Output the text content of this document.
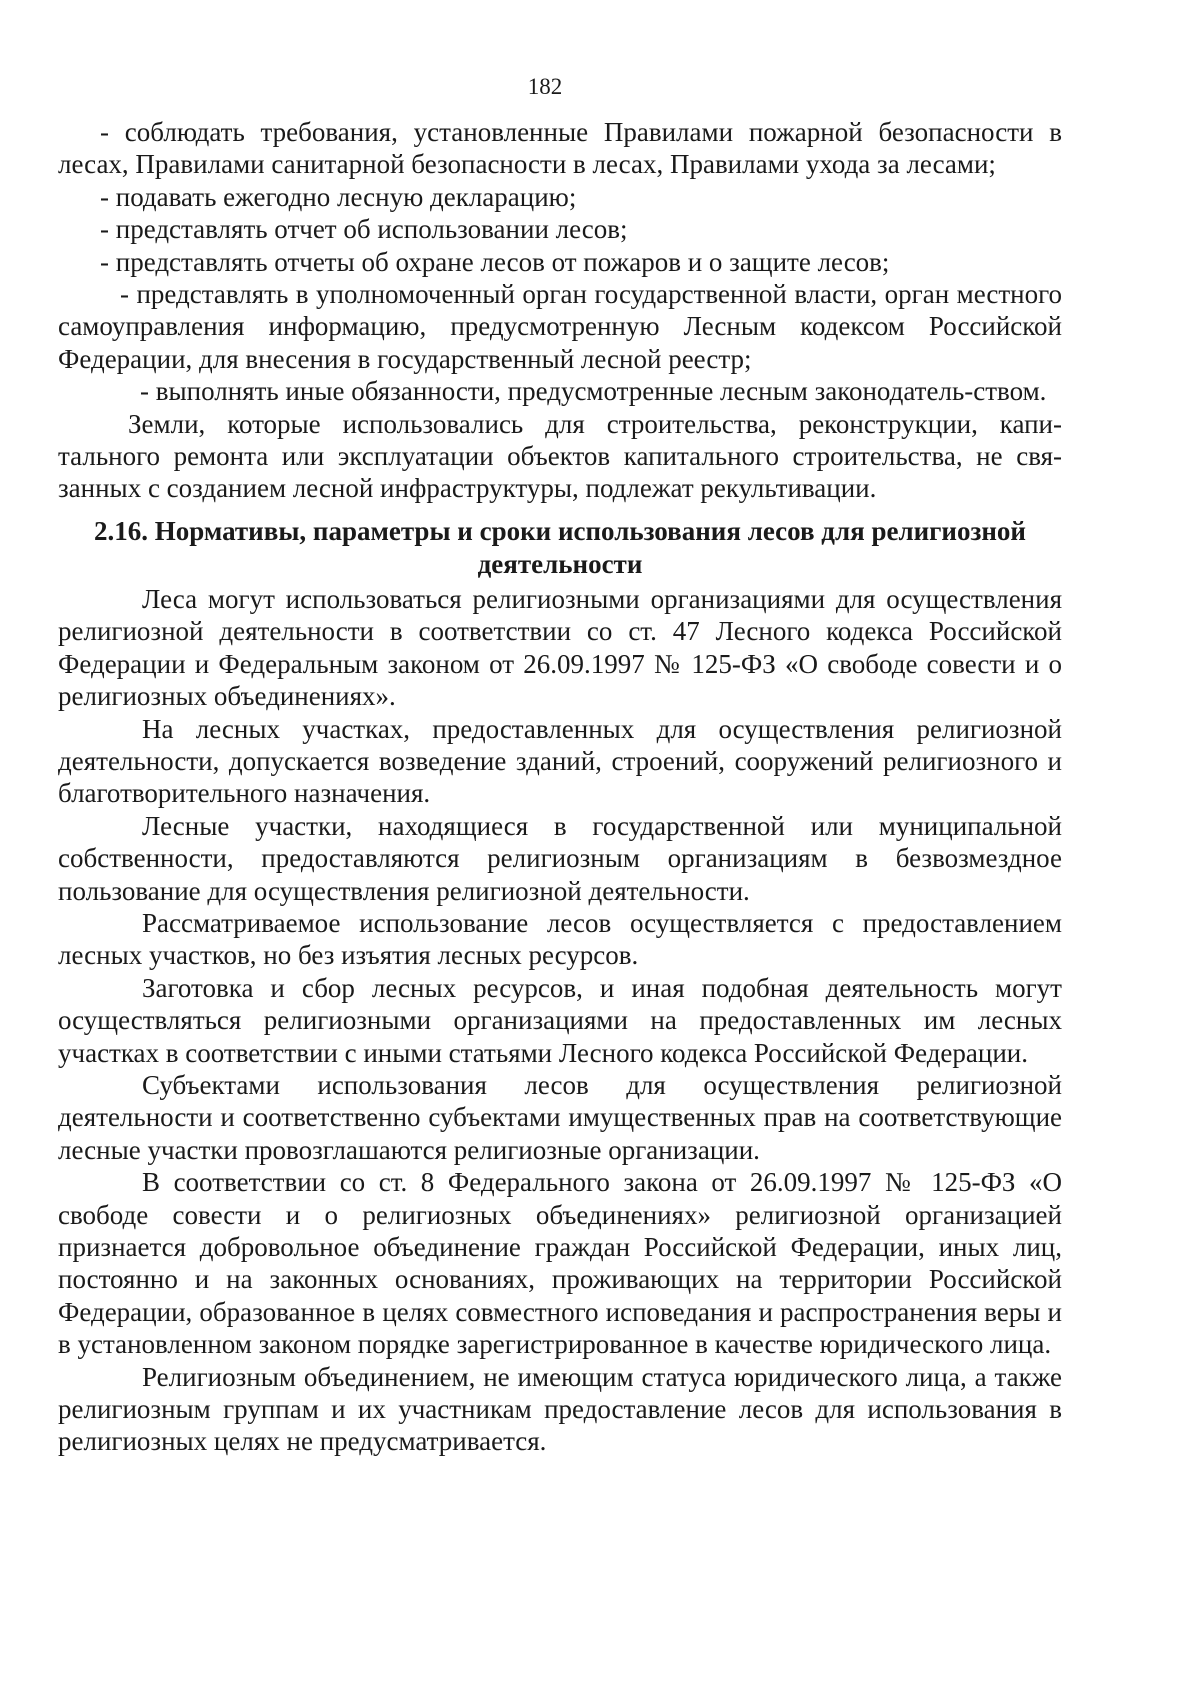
182

- соблюдать требования, установленные Правилами пожарной безопасности в лесах, Правилами санитарной безопасности в лесах, Правилами ухода за лесами;

- подавать ежегодно лесную декларацию;

- представлять отчет об использовании лесов;

- представлять отчеты об охране лесов от пожаров и о защите лесов;

- представлять в уполномоченный орган государственной власти, орган местного самоуправления информацию, предусмотренную Лесным кодексом Российской Федерации, для внесения в государственный лесной реестр;

- выполнять иные обязанности, предусмотренные лесным законодатель-ством.

Земли, которые использовались для строительства, реконструкции, капи-тального ремонта или эксплуатации объектов капитального строительства, не свя-занных с созданием лесной инфраструктуры, подлежат рекультивации.

2.16. Нормативы, параметры и сроки использования лесов для религиозной
деятельности

Леса могут использоваться религиозными организациями для осуществления религиозной деятельности в соответствии со ст. 47 Лесного кодекса Российской Федерации и Федеральным законом от 26.09.1997 № 125-ФЗ «О свободе совести и о религиозных объединениях».

На лесных участках, предоставленных для осуществления религиозной деятельности, допускается возведение зданий, строений, сооружений религиозного и благотворительного назначения.

Лесные участки, находящиеся в государственной или муниципальной собственности, предоставляются религиозным организациям в безвозмездное пользование для осуществления религиозной деятельности.

Рассматриваемое использование лесов осуществляется с предоставлением лесных участков, но без изъятия лесных ресурсов.

Заготовка и сбор лесных ресурсов, и иная подобная деятельность могут осуществляться религиозными организациями на предоставленных им лесных участках в соответствии с иными статьями Лесного кодекса Российской Федерации.

Субъектами использования лесов для осуществления религиозной деятельности и соответственно субъектами имущественных прав на соответствующие лесные участки провозглашаются религиозные организации.

В соответствии со ст. 8 Федерального закона от 26.09.1997 № 125-ФЗ «О свободе совести и о религиозных объединениях» религиозной организацией признается добровольное объединение граждан Российской Федерации, иных лиц, постоянно и на законных основаниях, проживающих на территории Российской Федерации, образованное в целях совместного исповедания и распространения веры и в установленном законом порядке зарегистрированное в качестве юридического лица.

Религиозным объединением, не имеющим статуса юридического лица, а также религиозным группам и их участникам предоставление лесов для использования в религиозных целях не предусматривается.
